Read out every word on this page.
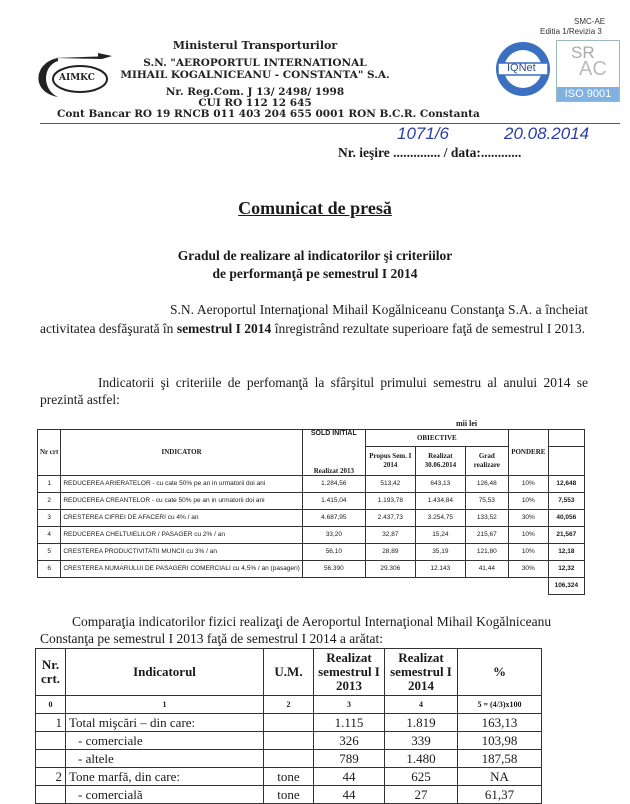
AIMKC
Ministerul Transporturilor
S.N. "AEROPORTUL INTERNATIONAL
MIHAIL KOGALNICEANU - CONSTANTA" S.A.
Nr. Reg.Com. J 13/ 2498/ 1998
CUI RO 112 12 645
Cont Bancar RO 19 RNCB 011 403 204 655 0001 RON B.C.R. Constanta
SMC-AE
Editia 1/Revizia 3
IQNet
SR
AC
ISO 9001
Nr. ieşire .............. / data:............
1071/6	20.08.2014
Comunicat de presă
Gradul de realizare al indicatorilor şi criteriilor
de performanţă pe semestrul I 2014
S.N. Aeroportul Internaţional Mihail Kogălniceanu Constanţa S.A. a încheiat activitatea desfăşurată în semestrul I 2014 înregistrând rezultate superioare faţă de semestrul I 2013.
Indicatorii şi criteriile de perfomanţă la sfârşitul primului semestru al anului 2014 se prezintă astfel:
mii lei
Nr crt	INDICATOR	SOLD INITIAL	OBIECTIVE			PONDERE	
		Realizat 2013	Propus Sem. I 2014	Realizat 30.06.2014	Grad realizare		
1	REDUCEREA ARIERATELOR - cu cate 50% pe an in urmatorii doi ani	1.284,56	513,42	643,13	126,48	10%	12,648
2	REDUCEREA CREANTELOR - cu cate 50% pe an in urmatorii doi ani	1.415,04	1.193,78	1.434,84	75,53	10%	7,553
3	CRESTEREA CIFREI DE AFACERI cu 4% / an	4.687,95	2.437,73	3.254,75	133,52	30%	40,056
4	REDUCEREA CHELTUIELILOR / PASAGER cu 2% / an	33,20	32,87	15,24	215,67	10%	21,567
5	CRESTEREA PRODUCTIVITATII MUNCII cu 3% / an	56,10	28,89	35,19	121,80	10%	12,18
6	CRESTEREA NUMARULUI DE PASAGERI COMERCIALI cu 4,5% / an (pasageri)	56.390	29.306	12.143	41,44	30%	12,32
							106,324
Comparaţia indicatorilor fizici realizaţi de Aeroportul Internaţional Mihail Kogălniceanu
Constanţa pe semestrul I 2013 faţă de semestrul I 2014 a arătat:
Nr. crt.	Indicatorul	U.M.	Realizat semestrul I 2013	Realizat semestrul I 2014	%
0	1	2	3	4	5 = (4/3)x100
1	Total mişcări – din care:		1.115	1.819	163,13
	- comerciale		326	339	103,98
	- altele		789	1.480	187,58
2	Tone marfă, din care:	tone	44	625	NA
	- comercială	tone	44	27	61,37
